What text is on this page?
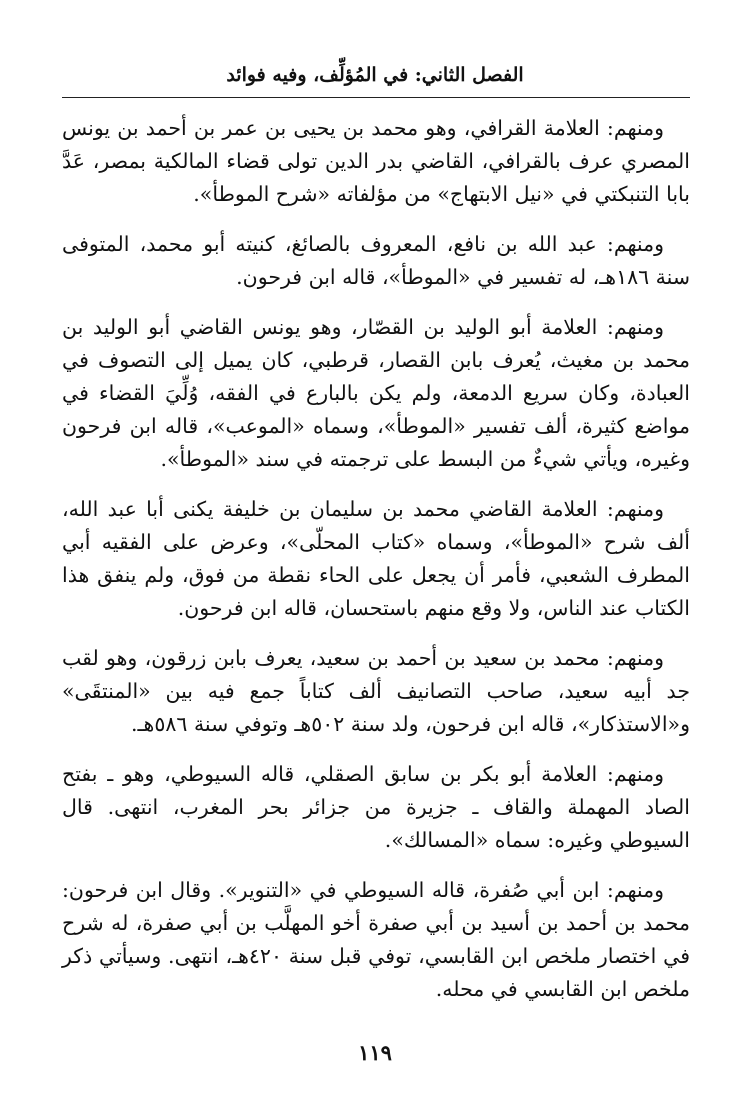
الفصل الثاني: في المُؤلِّف، وفيه فوائد

ومنهم: العلامة القرافي، وهو محمد بن يحيى بن عمر بن أحمد بن يونس المصري عرف بالقرافي، القاضي بدر الدين تولى قضاء المالكية بمصر، عَدَّ بابا التنبكتي في «نيل الابتهاج» من مؤلفاته «شرح الموطأ».

ومنهم: عبد الله بن نافع، المعروف بالصائغ، كنيته أبو محمد، المتوفى سنة ١٨٦هـ، له تفسير في «الموطأ»، قاله ابن فرحون.

ومنهم: العلامة أبو الوليد بن القصّار، وهو يونس القاضي أبو الوليد بن محمد بن مغيث، يُعرف بابن القصار، قرطبي، كان يميل إلى التصوف في العبادة، وكان سريع الدمعة، ولم يكن بالبارع في الفقه، وُلِّيَ القضاء في مواضع كثيرة، ألف تفسير «الموطأ»، وسماه «الموعب»، قاله ابن فرحون وغيره، ويأتي شيءٌ من البسط على ترجمته في سند «الموطأ».

ومنهم: العلامة القاضي محمد بن سليمان بن خليفة يكنى أبا عبد الله، ألف شرح «الموطأ»، وسماه «كتاب المحلّى»، وعرض على الفقيه أبي المطرف الشعبي، فأمر أن يجعل على الحاء نقطة من فوق، ولم ينفق هذا الكتاب عند الناس، ولا وقع منهم باستحسان، قاله ابن فرحون.

ومنهم: محمد بن سعيد بن أحمد بن سعيد، يعرف بابن زرقون، وهو لقب جد أبيه سعيد، صاحب التصانيف ألف كتاباً جمع فيه بين «المنتقَى» و«الاستذكار»، قاله ابن فرحون، ولد سنة ٥٠٢هـ وتوفي سنة ٥٨٦هـ.

ومنهم: العلامة أبو بكر بن سابق الصقلي، قاله السيوطي، وهو ـ بفتح الصاد المهملة والقاف ـ جزيرة من جزائر بحر المغرب، انتهى. قال السيوطي وغيره: سماه «المسالك».

ومنهم: ابن أبي صُفرة، قاله السيوطي في «التنوير». وقال ابن فرحون: محمد بن أحمد بن أسيد بن أبي صفرة أخو المهلَّب بن أبي صفرة، له شرح في اختصار ملخص ابن القابسي، توفي قبل سنة ٤٢٠هـ، انتهى. وسيأتي ذكر ملخص ابن القابسي في محله.

١١٩
